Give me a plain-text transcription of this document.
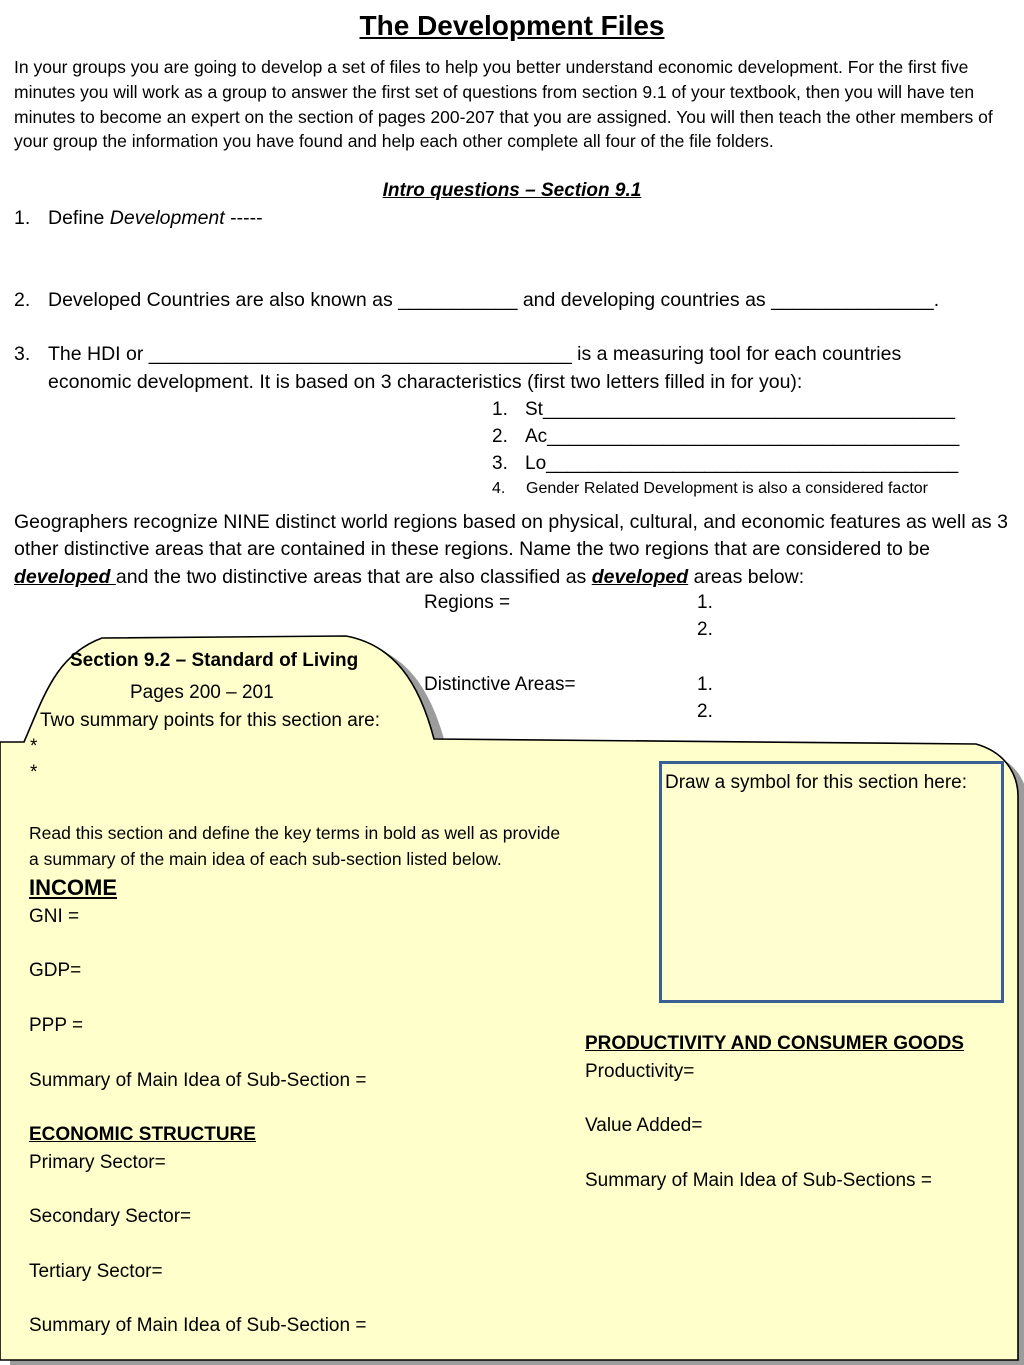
The Development Files
In your groups you are going to develop a set of files to help you better understand economic development. For the first five minutes you will work as a group to answer the first set of questions from section 9.1 of your textbook, then you will have ten minutes to become an expert on the section of pages 200-207 that you are assigned. You will then teach the other members of your group the information you have found and help each other complete all four of the file folders.
Intro questions – Section 9.1
1. Define Development -----
2. Developed Countries are also known as ___________ and developing countries as _______________.
3. The HDI or _______________________________________ is a measuring tool for each countries
economic development. It is based on 3 characteristics (first two letters filled in for you):
1. St_______________________________________
2. Ac_______________________________________
3. Lo_______________________________________
4. Gender Related Development is also a considered factor
Geographers recognize NINE distinct world regions based on physical, cultural, and economic features as well as 3 other distinctive areas that are contained in these regions. Name the two regions that are considered to be developed and the two distinctive areas that are also classified as developed areas below:
Regions =	1.
2.
Section 9.2 – Standard of Living
Pages 200 – 201
Two summary points for this section are:
Distinctive Areas=	1.
2.
*
*	Draw a symbol for this section here:
Read this section and define the key terms in bold as well as provide
a summary of the main idea of each sub-section listed below.
INCOME
GNI =
GDP=
PPP =
Summary of Main Idea of Sub-Section =
ECONOMIC STRUCTURE
Primary Sector=
Secondary Sector=
Tertiary Sector=
Summary of Main Idea of Sub-Section =
PRODUCTIVITY AND CONSUMER GOODS
Productivity=
Value Added=
Summary of Main Idea of Sub-Sections =
